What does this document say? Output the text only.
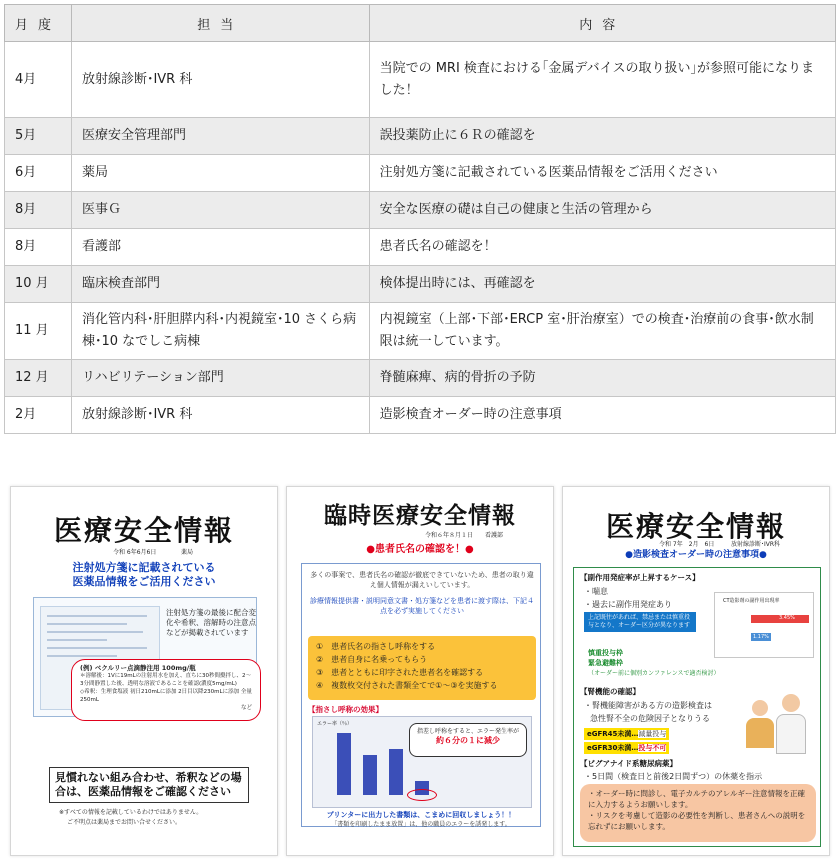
月度	担当	内容
4月	放射線診断･IVR 科	当院での MRI 検査における｢金属デバイスの取り扱い｣が参照可能になりました！
5月	医療安全管理部門	誤投薬防止に６Ｒの確認を
6月	薬局	注射処方箋に記載されている医薬品情報をご活用ください
8月	医事Ｇ	安全な医療の礎は自己の健康と生活の管理から
8月	看護部	患者氏名の確認を！
10 月	臨床検査部門	検体提出時には、再確認を
11 月	消化管内科･肝胆膵内科･内視鏡室･10 さくら病棟･10 なでしこ病棟	内視鏡室（上部･下部･ERCP 室･肝治療室）での検査･治療前の食事･飲水制限は統一しています。
12 月	リハビリテーション部門	脊髄麻痺、病的骨折の予防
2月	放射線診断･IVR 科	造影検査オーダー時の注意事項
医療安全情報
令和 6年6月6日	薬局
注射処方箋に記載されている
医薬品情報をご活用ください
注射処方箋の最後に配合変化や希釈、溶解時の注意点などが掲載されています
(例) ベクルリー点滴静注用 100mg/瓶
＊溶解後：1Vに19mLの注射用水を加え、直ちに30秒間攪拌し、2〜3分間静置した後、透明な溶液であることを確認(濃度5mg/mL)
◇希釈：生理食塩液 初日210mLに添加 2日目以降230mLに添加 全量250mL
など
見慣れない組み合わせ、希釈などの場合は、医薬品情報をご確認ください
※すべての情報を記載しているわけではありません。
ご不明点は薬局までお問い合せください。
臨時医療安全情報
令和６年８月１日 看護部
●患者氏名の確認を！●
多くの事案で、患者氏名の確認が徹底できていないため、患者の取り違え個人情報が漏えいしています。
診療情報提供書・説明同意文書・処方箋などを患者に渡す際は、下記４点を必ず実施してください
①　患者氏名の指さし呼称をする
②　患者自身に名乗ってもらう
③　患者とともに印字された患者名を確認する
④　複数枚交付された書類全てで①〜③を実施する
【指さし呼称の効果】
エラー率（％）
指差し呼称をすると、エラー発生率が
約６分の１に減少
プリンターに出力した書類は、こまめに回収しましょう！！
「書類を印刷したまま放置」は、他の職員のエラーを誘発します。
医療安全情報
令和 7年　2月　6日	放射線診断･IVR科
●造影検査オーダー時の注意事項●
【副作用発症率が上昇するケース】
・喘息
・過去に副作用発症あり
上記既往があれば、禁忌または慎重投与となり、オーダー区分が異なります
慎重投与枠
緊急避難枠
（オーダー前に個別カンファレンスで適否検討）
CT造影剤の副作用出現率
3.45%
1.17%
【腎機能の確認】
・腎機能障害がある方の造影検査は
急性腎不全の危険因子となりうる
eGFR45未満…減量投与
eGFR30未満…投与不可
【ビグアナイド系糖尿病薬】
・5日間（検査日と前後2日間ずつ）の休薬を指示
・オーダー時に問診し、電子カルテのアレルギー注意情報を正確に入力するようお願いします。
・リスクを考慮して造影の必要性を判断し、患者さんへの説明を忘れずにお願いします。
